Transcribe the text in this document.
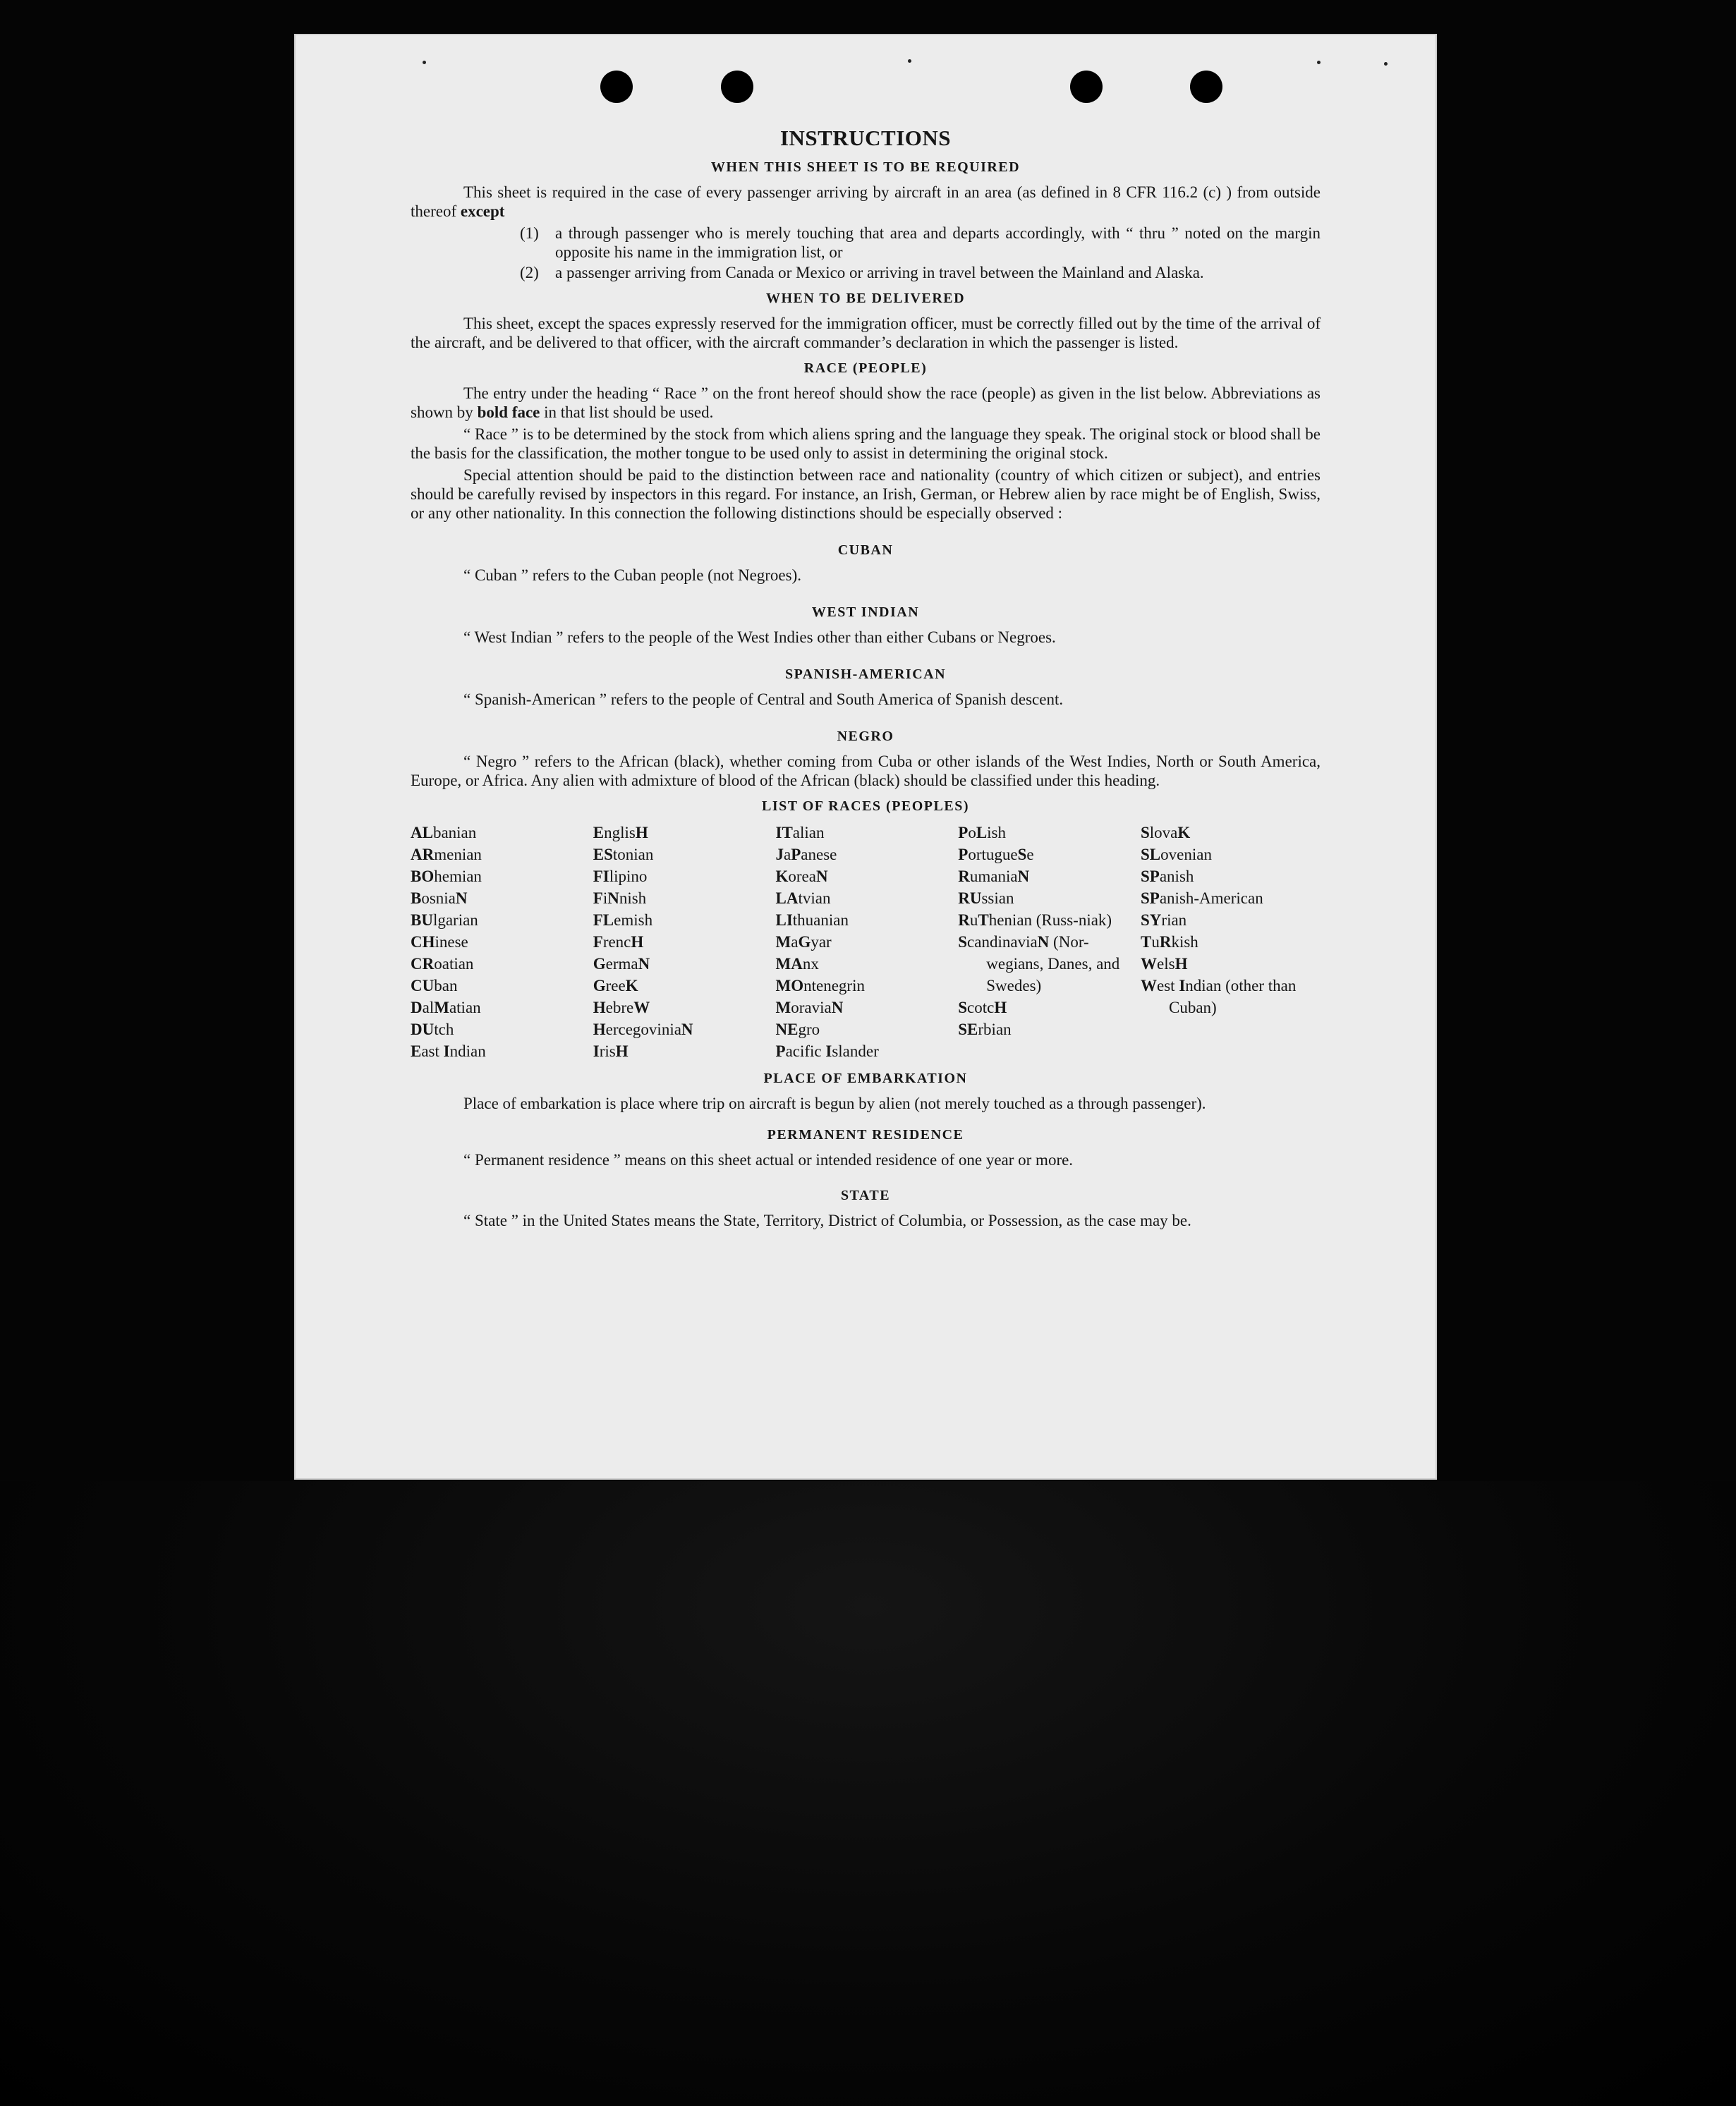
INSTRUCTIONS
WHEN THIS SHEET IS TO BE REQUIRED

This sheet is required in the case of every passenger arriving by aircraft in an area (as defined in 8 CFR 116.2 (c) ) from outside thereof except

(1)	a through passenger who is merely touching that area and departs accordingly, with “ thru ” noted on the margin opposite his name in the immigration list, or
(2)	a passenger arriving from Canada or Mexico or arriving in travel between the Mainland and Alaska.
WHEN TO BE DELIVERED

This sheet, except the spaces expressly reserved for the immigration officer, must be correctly filled out by the time of the arrival of the aircraft, and be delivered to that officer, with the aircraft commander’s declaration in which the passenger is listed.

RACE (PEOPLE)

The entry under the heading “ Race ” on the front hereof should show the race (people) as given in the list below. Abbreviations as shown by bold face in that list should be used.

“ Race ” is to be determined by the stock from which aliens spring and the language they speak. The original stock or blood shall be the basis for the classification, the mother tongue to be used only to assist in determining the original stock.

Special attention should be paid to the distinction between race and nationality (country of which citizen or subject), and entries should be carefully revised by inspectors in this regard. For instance, an Irish, German, or Hebrew alien by race might be of English, Swiss, or any other nationality. In this connection the following distinctions should be especially observed :

CUBAN

“ Cuban ” refers to the Cuban people (not Negroes).

WEST INDIAN

“ West Indian ” refers to the people of the West Indies other than either Cubans or Negroes.

SPANISH-AMERICAN

“ Spanish-American ” refers to the people of Central and South America of Spanish descent.

NEGRO

“ Negro ” refers to the African (black), whether coming from Cuba or other islands of the West Indies, North or South America, Europe, or Africa. Any alien with admixture of blood of the African (black) should be classified under this heading.

LIST OF RACES (PEOPLES)
ALbanian
ARmenian
BOhemian
BosniaN
BUlgarian
CHinese
CRoatian
CUban
DalMatian
DUtch
East Indian
EnglisH
EStonian
FIlipino
FiNnish
FLemish
FrencH
GermaN
GreeK
HebreW
HercegoviniaN
IrisH
ITalian
JaPanese
KoreaN
LAtvian
LIthuanian
MaGyar
MAnx
MOntenegrin
MoraviaN
NEgro
Pacific Islander
PoLish
PortugueSe
RumaniaN
RUssian
RuThenian (Russ-niak)
ScandinaviaN (Nor-wegians, Danes, and Swedes)
ScotcH
SErbian
SlovaK
SLovenian
SPanish
SPanish-American
SYrian
TuRkish
WelsH
West Indian (other than Cuban)
PLACE OF EMBARKATION

Place of embarkation is place where trip on aircraft is begun by alien (not merely touched as a through passenger).

PERMANENT RESIDENCE

“ Permanent residence ” means on this sheet actual or intended residence of one year or more.

STATE

“ State ” in the United States means the State, Territory, District of Columbia, or Possession, as the case may be.
